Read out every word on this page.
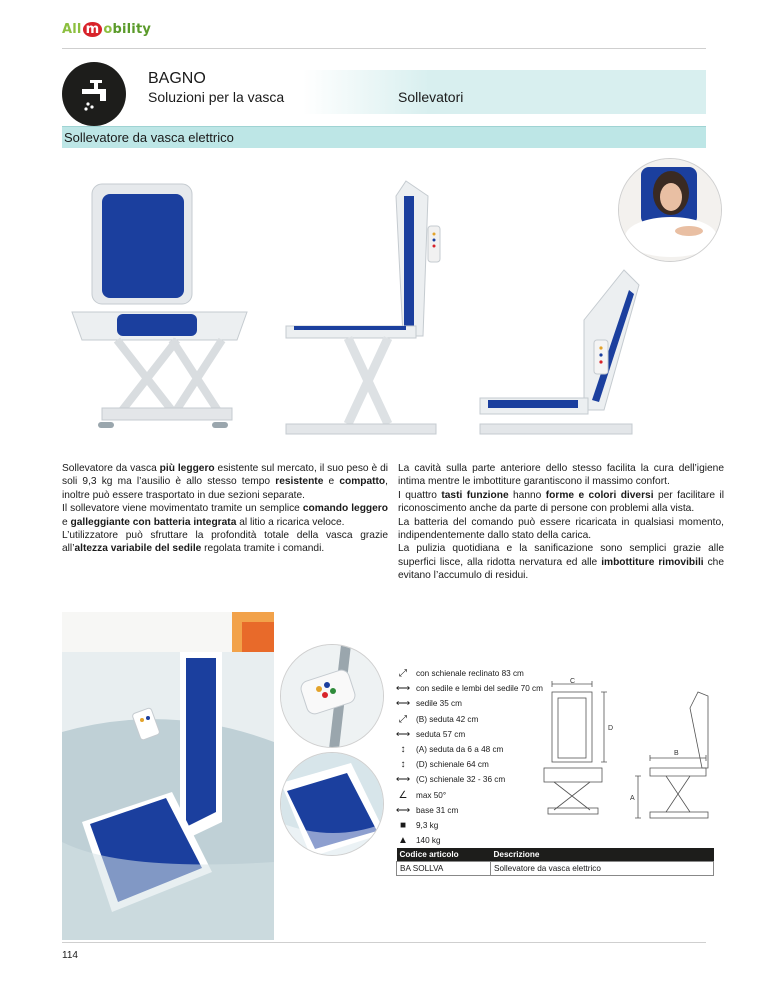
All m obility
BAGNO
Soluzioni per la vasca	Sollevatori
Sollevatore da vasca elettrico

Sollevatore da vasca più leggero esistente sul mercato, il suo peso è di soli 9,3 kg ma l’ausilio è allo stesso tempo resistente e compatto, inoltre può essere trasportato in due sezioni separate.

Il sollevatore viene movimentato tramite un semplice comando leggero e galleggiante con batteria integrata al litio a ricarica veloce.

L’utilizzatore può sfruttare la profondità totale della vasca grazie all’altezza variabile del sedile regolata tramite i comandi.

La cavità sulla parte anteriore dello stesso facilita la cura dell’igiene intima mentre le imbottiture garantiscono il massimo confort.

I quattro tasti funzione hanno forme e colori diversi per facilitare il riconoscimento anche da parte di persone con problemi alla vista.

La batteria del comando può essere ricaricata in qualsiasi momento, indipendentemente dallo stato della carica.

La pulizia quotidiana e la sanificazione sono semplici grazie alle superfici lisce, alla ridotta nervatura ed alle imbottiture rimovibili che evitano l’accumulo di residui.

⤢	con schienale reclinato 83 cm
⟷ con sedile e lembi del sedile 70 cm
⟷ sedile 35 cm
⤢	(B) seduta 42 cm
⟷ seduta 57 cm
↕	(A) seduta da 6 a 48 cm
↕	(D) schienale 64 cm
⟷ (C) schienale 32 - 36 cm
∠	max 50°
⟷ base 31 cm
■	9,3 kg
▲ 140 kg
C
D
B
A
Codice articolo	Descrizione
BA SOLLVA	Sollevatore da vasca elettrico
114
